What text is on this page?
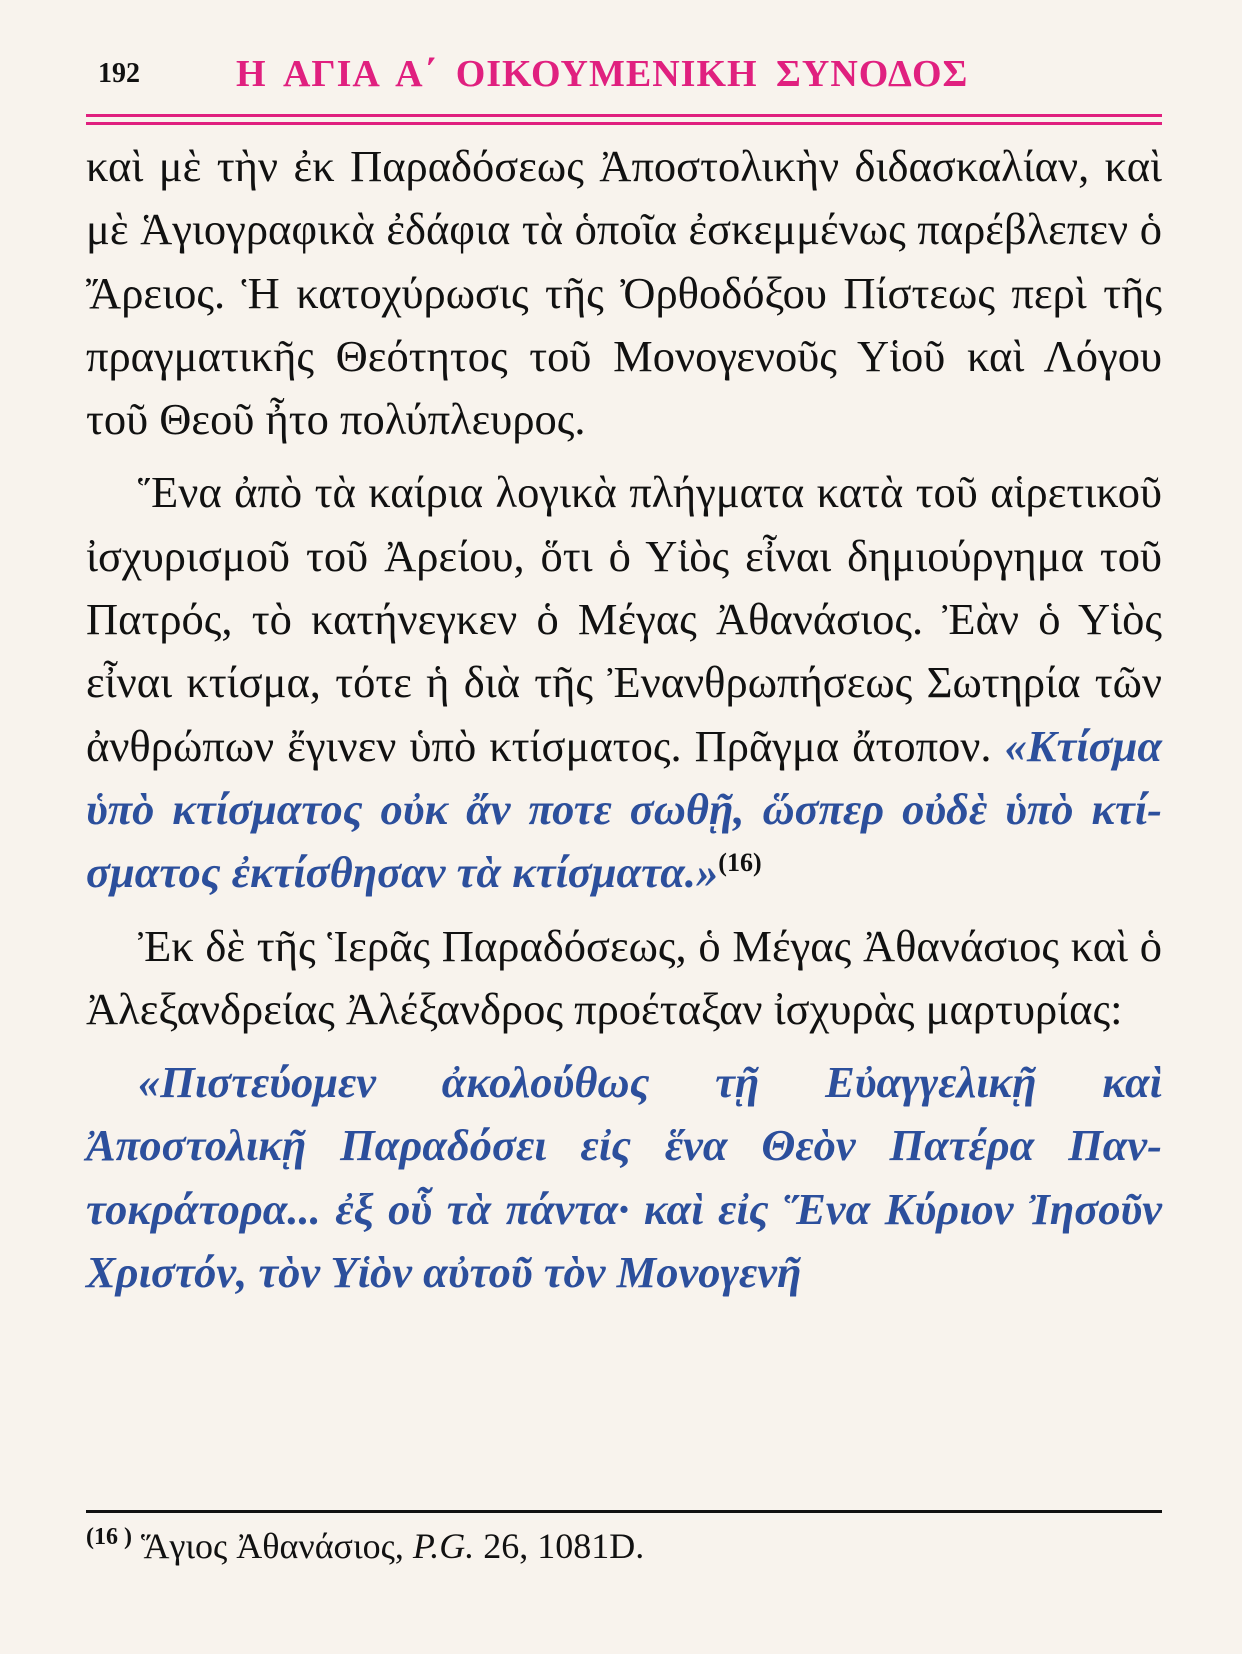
192	Η ΑΓΙΑ Α΄ ΟΙΚΟΥΜΕΝΙΚΗ ΣΥΝΟΔΟΣ

καὶ μὲ τὴν ἐκ Παραδόσεως Ἀποστολικὴν διδασκαλίαν, καὶ μὲ Ἁγιογραφικὰ ἐδάφια τὰ ὁποῖα ἐσκεμμένως παρέβλεπεν ὁ Ἄρειος. Ἡ κατοχύρωσις τῆς Ὀρθοδόξου Πίστεως περὶ τῆς πραγματικῆς Θεότητος τοῦ Μονογενοῦς Υἱοῦ καὶ Λόγου τοῦ Θεοῦ ἦτο πολύπλευρος.

Ἕνα ἀπὸ τὰ καίρια λογικὰ πλήγματα κατὰ τοῦ αἱρετικοῦ ἰσχυρισμοῦ τοῦ Ἀρείου, ὅτι ὁ Υἱὸς εἶναι δημιούργημα τοῦ Πατρός, τὸ κατήνεγκεν ὁ Μέγας Ἀθανάσιος. Ἐὰν ὁ Υἱὸς εἶναι κτίσμα, τότε ἡ διὰ τῆς Ἐνανθρωπήσεως Σωτηρία τῶν ἀνθρώπων ἔγινεν ὑπὸ κτίσματος. Πρᾶγμα ἄτοπον. «Κτίσμα ὑπὸ κτίσματος οὐκ ἄν ποτε σωθῇ, ὥσπερ οὐδὲ ὑπὸ κτίσματος ἐκτίσθησαν τὰ κτίσματα.»$^{(16)}$

Ἐκ δὲ τῆς Ἱερᾶς Παραδόσεως, ὁ Μέγας Ἀθανάσιος καὶ ὁ Ἀλεξανδρείας Ἀλέξανδρος προέταξαν ἰσχυρὰς μαρτυρίας:

«Πιστεύομεν ἀκολούθως τῇ Εὐαγγελικῇ καὶ Ἀποστολικῇ Παραδόσει εἰς ἕνα Θεὸν Πατέρα Παντοκράτορα... ἐξ οὗ τὰ πάντα· καὶ εἰς Ἕνα Κύριον Ἰησοῦν Χριστόν, τὸν Υἱὸν αὐτοῦ τὸν Μονογενῆ

$^{(16 )}$ Ἅγιος Ἀθανάσιος, P.G. 26, 1081D.
